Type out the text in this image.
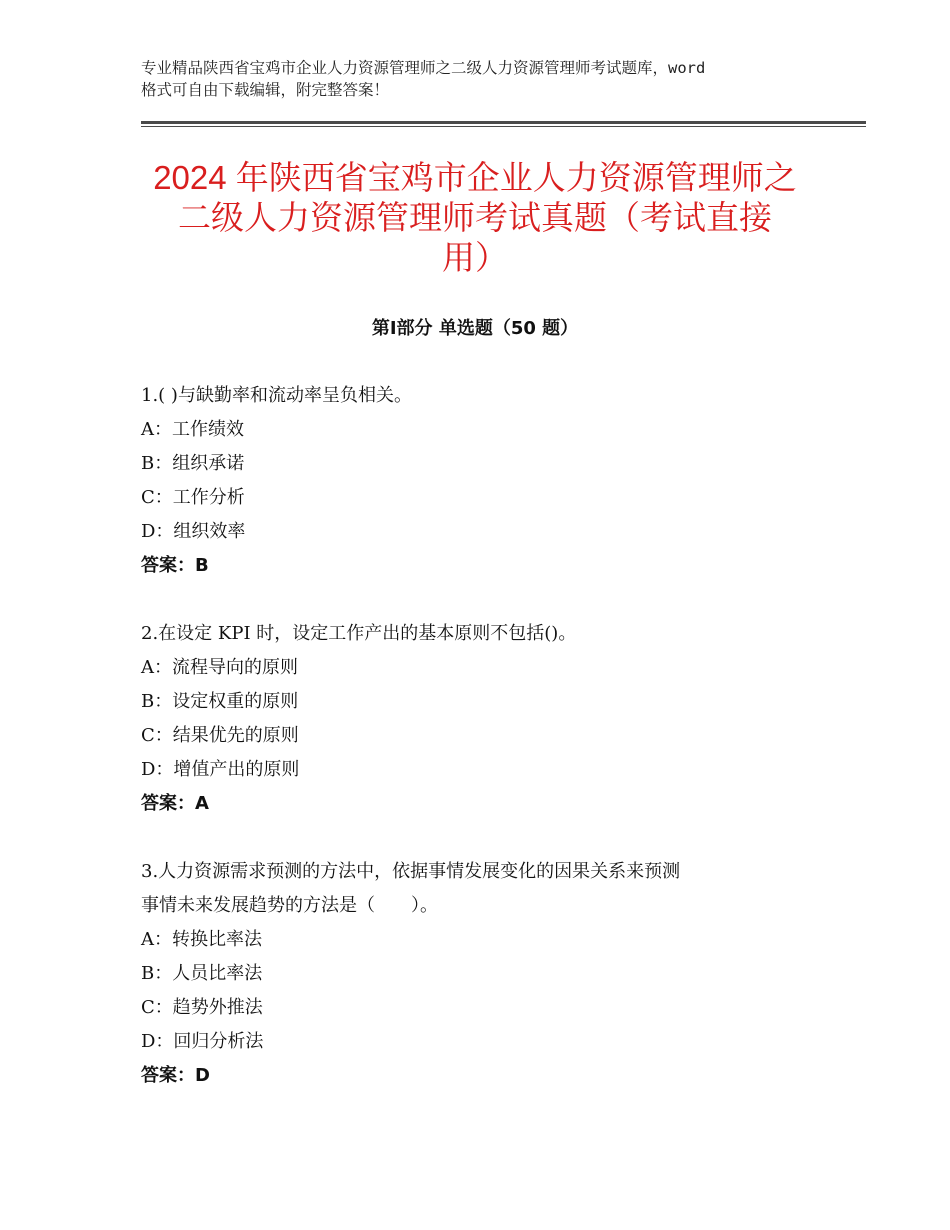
专业精品陕西省宝鸡市企业人力资源管理师之二级人力资源管理师考试题库，word
格式可自由下载编辑，附完整答案！
2024 年陕西省宝鸡市企业人力资源管理师之
二级人力资源管理师考试真题（考试直接
用）
第Ⅰ部分 单选题（50 题）
1.( )与缺勤率和流动率呈负相关。
A：工作绩效
B：组织承诺
C：工作分析
D：组织效率
答案：B
2.在设定 KPI 时，设定工作产出的基本原则不包括()。
A：流程导向的原则
B：设定权重的原则
C：结果优先的原则
D：增值产出的原则
答案：A
3.人力资源需求预测的方法中，依据事情发展变化的因果关系来预测
事情未来发展趋势的方法是（　　）。
A：转换比率法
B：人员比率法
C：趋势外推法
D：回归分析法
答案：D
